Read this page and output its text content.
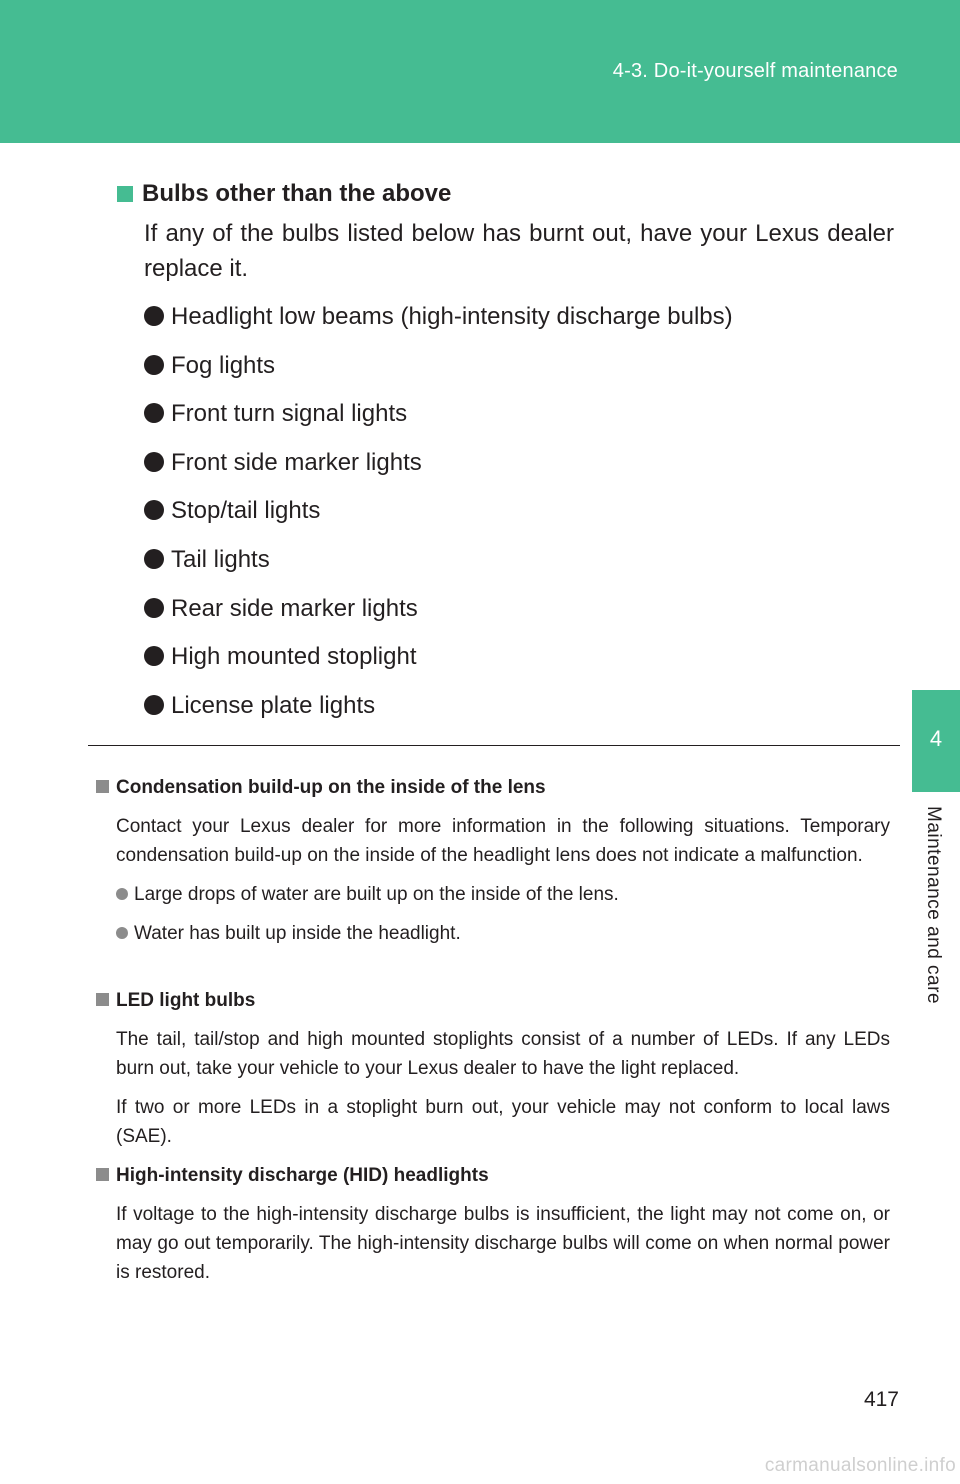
4-3. Do-it-yourself maintenance
4
Maintenance and care
Bulbs other than the above
If any of the bulbs listed below has burnt out, have your Lexus dealer replace it.
Headlight low beams (high-intensity discharge bulbs)
Fog lights
Front turn signal lights
Front side marker lights
Stop/tail lights
Tail lights
Rear side marker lights
High mounted stoplight
License plate lights
Condensation build-up on the inside of the lens
Contact your Lexus dealer for more information in the following situations. Temporary condensation build-up on the inside of the headlight lens does not indicate a malfunction.
Large drops of water are built up on the inside of the lens.
Water has built up inside the headlight.
LED light bulbs
The tail, tail/stop and high mounted stoplights consist of a number of LEDs. If any LEDs burn out, take your vehicle to your Lexus dealer to have the light replaced.
If two or more LEDs in a stoplight burn out, your vehicle may not conform to local laws (SAE).
High-intensity discharge (HID) headlights
If voltage to the high-intensity discharge bulbs is insufficient, the light may not come on, or may go out temporarily. The high-intensity discharge bulbs will come on when normal power is restored.
417
carmanualsonline.info
